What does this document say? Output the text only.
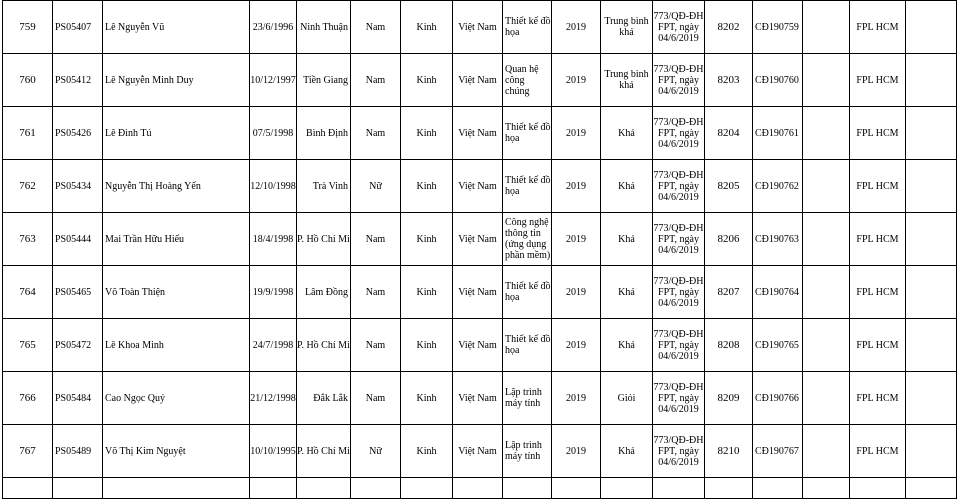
759	PS05407	Lê Nguyễn Vũ	23/6/1996	Ninh Thuận	Nam	Kinh	Việt Nam	Thiết kế đồ họa	2019	Trung bình khá	773/QĐ-ĐH FPT, ngày 04/6/2019	8202	CĐ190759		FPL HCM	
760	PS05412	Lê Nguyễn Minh Duy	10/12/1997	Tiền Giang	Nam	Kinh	Việt Nam	Quan hệ công chúng	2019	Trung bình khá	773/QĐ-ĐH FPT, ngày 04/6/2019	8203	CĐ190760		FPL HCM	
761	PS05426	Lê Đình Tú	07/5/1998	Bình Định	Nam	Kinh	Việt Nam	Thiết kế đồ họa	2019	Khá	773/QĐ-ĐH FPT, ngày 04/6/2019	8204	CĐ190761		FPL HCM	
762	PS05434	Nguyễn Thị Hoàng Yến	12/10/1998	Trà Vinh	Nữ	Kinh	Việt Nam	Thiết kế đồ họa	2019	Khá	773/QĐ-ĐH FPT, ngày 04/6/2019	8205	CĐ190762		FPL HCM	
763	PS05444	Mai Trần Hữu Hiếu	18/4/1998	P. Hồ Chí Mi	Nam	Kinh	Việt Nam	Công nghệ thông tin (ứng dụng phần mềm)	2019	Khá	773/QĐ-ĐH FPT, ngày 04/6/2019	8206	CĐ190763		FPL HCM	
764	PS05465	Võ Toàn Thiện	19/9/1998	Lâm Đồng	Nam	Kinh	Việt Nam	Thiết kế đồ họa	2019	Khá	773/QĐ-ĐH FPT, ngày 04/6/2019	8207	CĐ190764		FPL HCM	
765	PS05472	Lê Khoa Minh	24/7/1998	P. Hồ Chí Mi	Nam	Kinh	Việt Nam	Thiết kế đồ họa	2019	Khá	773/QĐ-ĐH FPT, ngày 04/6/2019	8208	CĐ190765		FPL HCM	
766	PS05484	Cao Ngọc Quý	21/12/1998	Đắk Lắk	Nam	Kinh	Việt Nam	Lập trình máy tính	2019	Giỏi	773/QĐ-ĐH FPT, ngày 04/6/2019	8209	CĐ190766		FPL HCM	
767	PS05489	Võ Thị Kim Nguyệt	10/10/1995	P. Hồ Chí Mi	Nữ	Kinh	Việt Nam	Lập trình máy tính	2019	Khá	773/QĐ-ĐH FPT, ngày 04/6/2019	8210	CĐ190767		FPL HCM	
